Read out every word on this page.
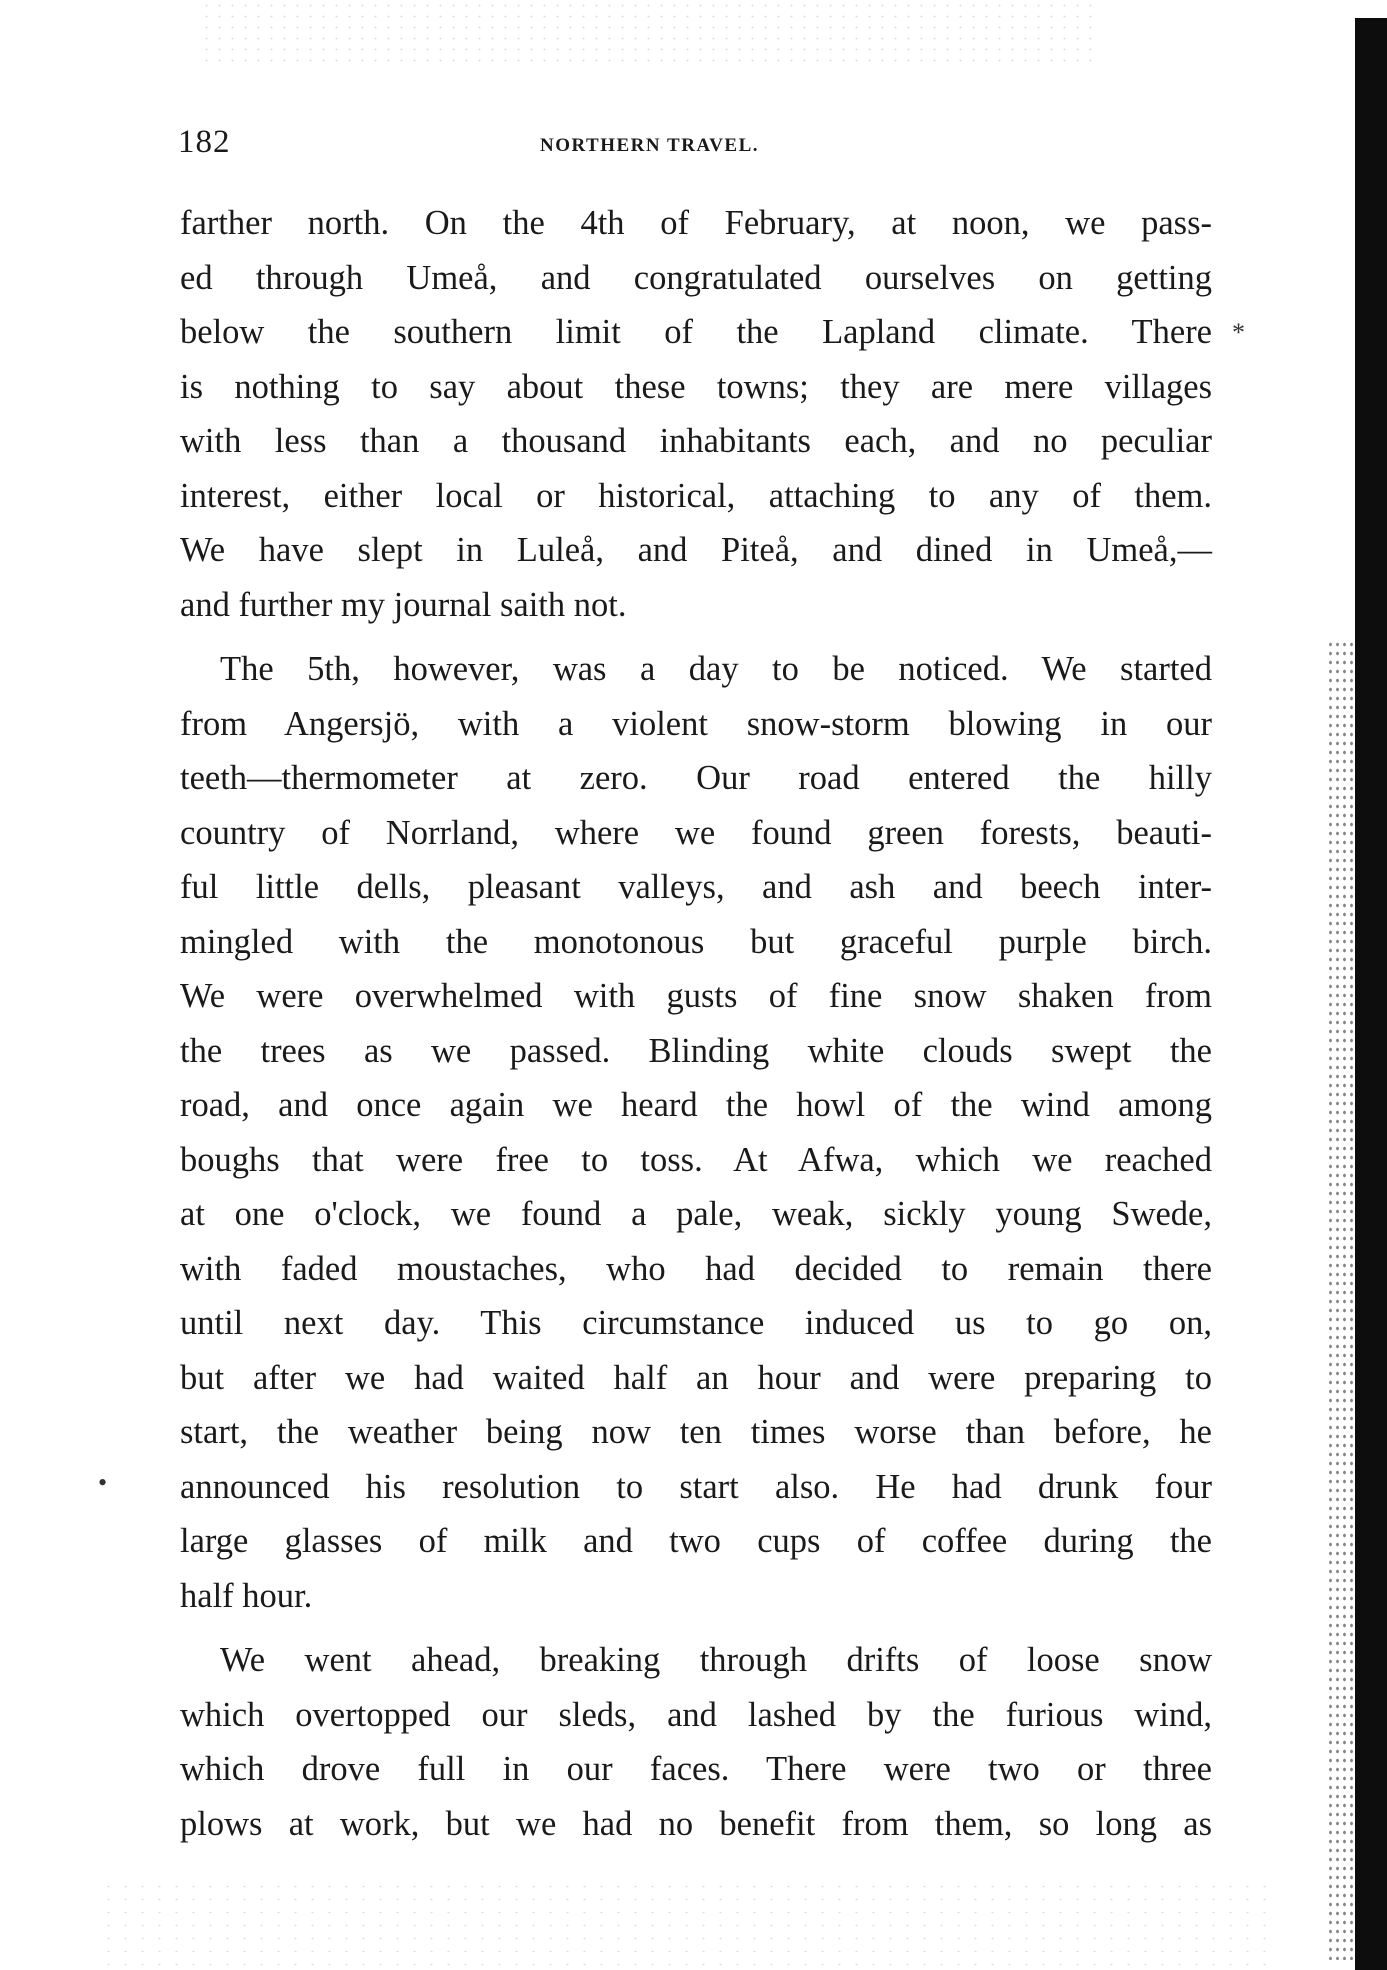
182	NORTHERN TRAVEL.
farther north. On the 4th of February, at noon, we pass-
ed through Umeå, and congratulated ourselves on getting
below the southern limit of the Lapland climate. There
is nothing to say about these towns; they are mere villages
with less than a thousand inhabitants each, and no peculiar
interest, either local or historical, attaching to any of them.
We have slept in Luleå, and Piteå, and dined in Umeå,—
and further my journal saith not.
The 5th, however, was a day to be noticed. We started
from Angersjö, with a violent snow-storm blowing in our
teeth—thermometer at zero. Our road entered the hilly
country of Norrland, where we found green forests, beauti-
ful little dells, pleasant valleys, and ash and beech inter-
mingled with the monotonous but graceful purple birch.
We were overwhelmed with gusts of fine snow shaken from
the trees as we passed. Blinding white clouds swept the
road, and once again we heard the howl of the wind among
boughs that were free to toss. At Afwa, which we reached
at one o'clock, we found a pale, weak, sickly young Swede,
with faded moustaches, who had decided to remain there
until next day. This circumstance induced us to go on,
but after we had waited half an hour and were preparing to
start, the weather being now ten times worse than before, he
announced his resolution to start also. He had drunk four
large glasses of milk and two cups of coffee during the
half hour.
We went ahead, breaking through drifts of loose snow
which overtopped our sleds, and lashed by the furious wind,
which drove full in our faces. There were two or three
plows at work, but we had no benefit from them, so long as
*
•
